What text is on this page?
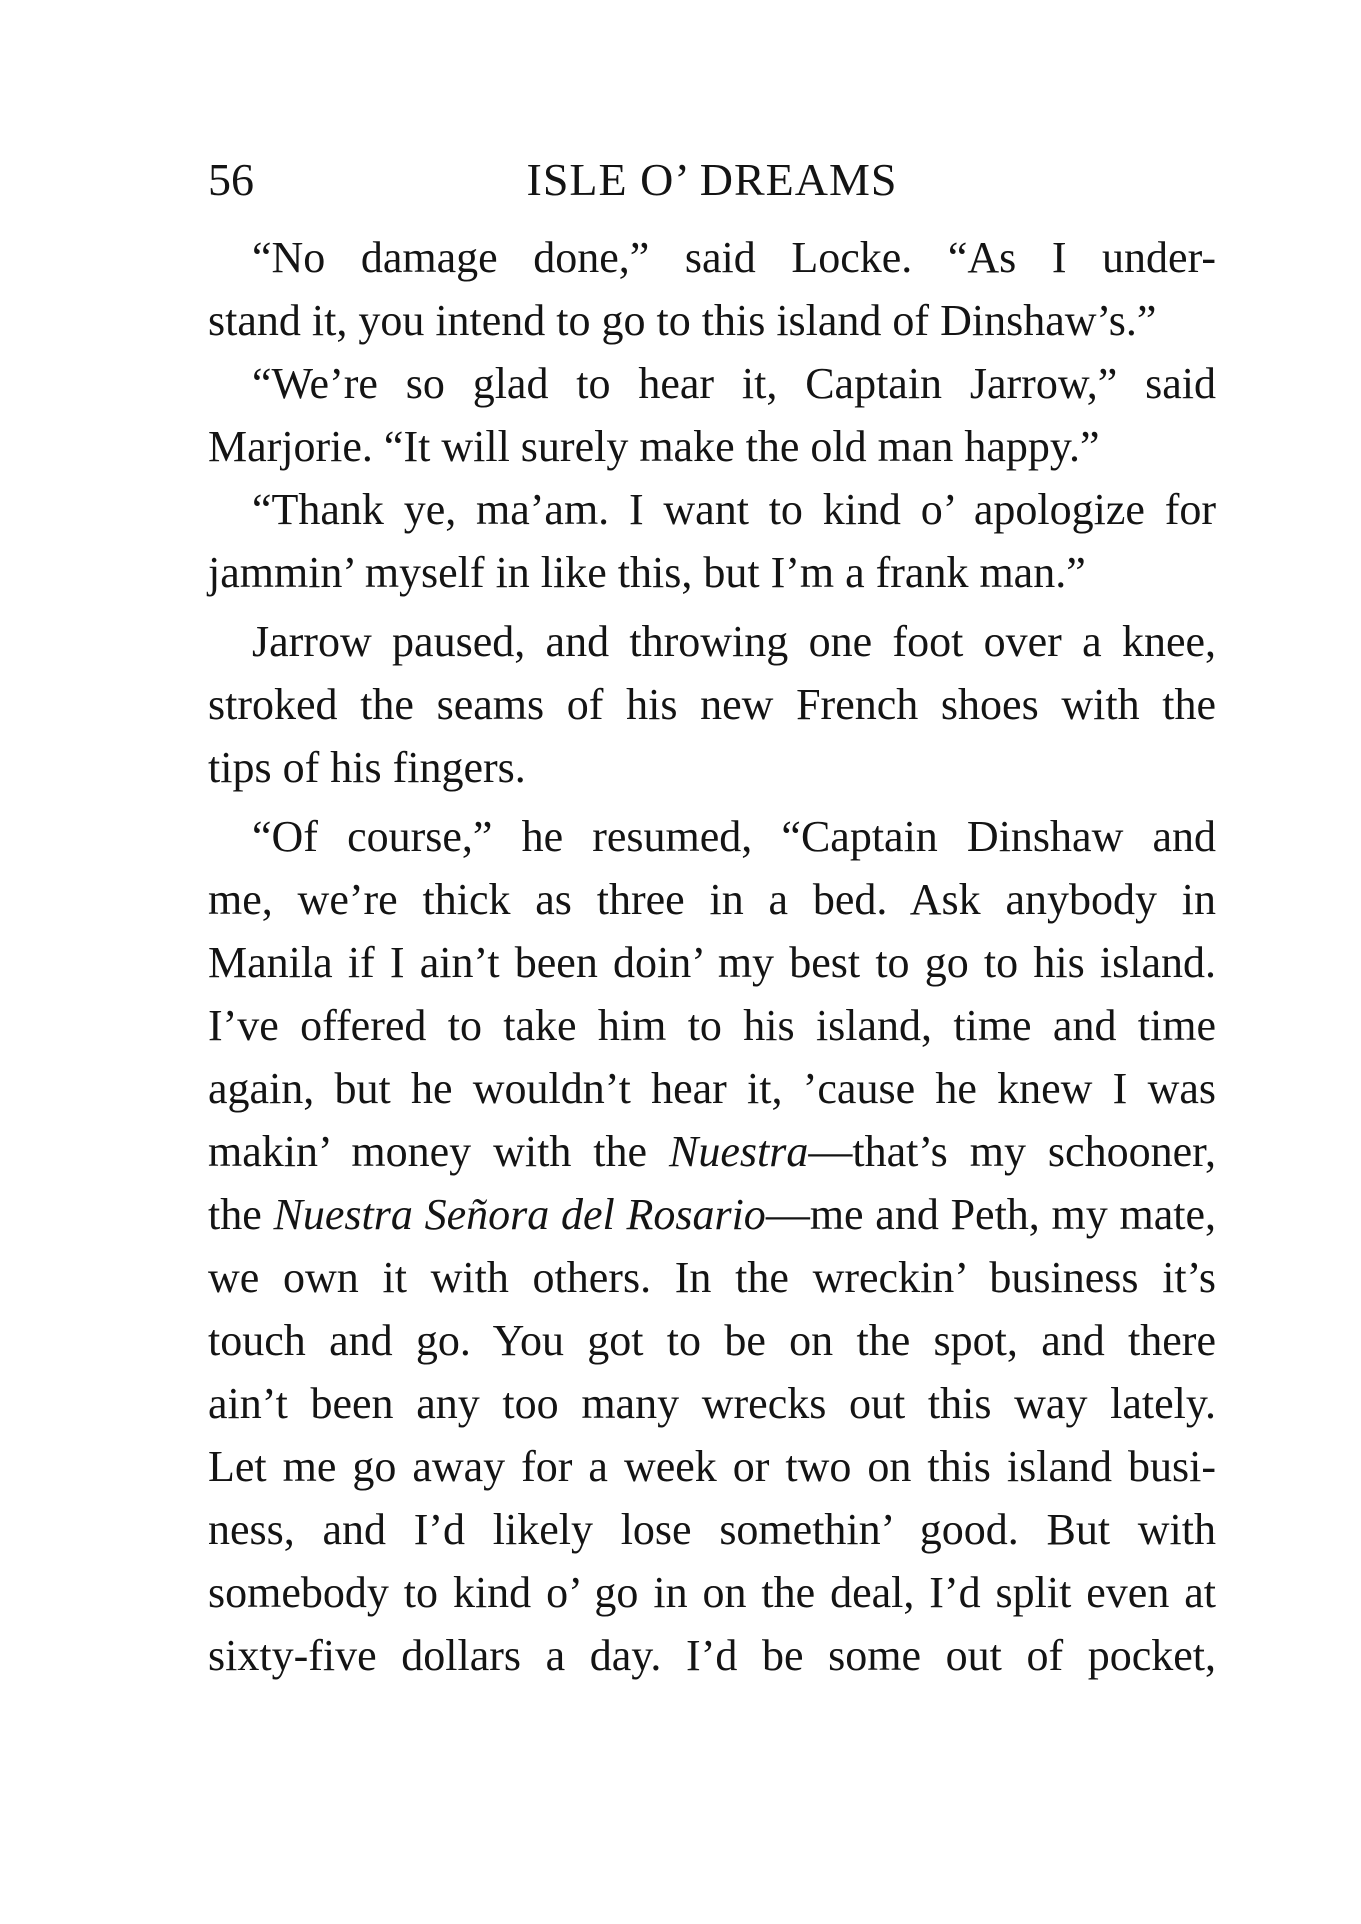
56	ISLE O’ DREAMS

“No damage done,” said Locke. “As I under-
stand it, you intend to go to this island of Dinshaw’s.”

“We’re so glad to hear it, Captain Jarrow,” said
Marjorie. “It will surely make the old man happy.”

“Thank ye, ma’am. I want to kind o’ apologize for
jammin’ myself in like this, but I’m a frank man.”

Jarrow paused, and throwing one foot over a knee,
stroked the seams of his new French shoes with the
tips of his fingers.

“Of course,” he resumed, “Captain Dinshaw and
me, we’re thick as three in a bed. Ask anybody in
Manila if I ain’t been doin’ my best to go to his island.
I’ve offered to take him to his island, time and time
again, but he wouldn’t hear it, ’cause he knew I was
makin’ money with the Nuestra—that’s my schooner,
the Nuestra Señora del Rosario—me and Peth, my mate,
we own it with others. In the wreckin’ business it’s
touch and go. You got to be on the spot, and there
ain’t been any too many wrecks out this way lately.
Let me go away for a week or two on this island busi-
ness, and I’d likely lose somethin’ good. But with
somebody to kind o’ go in on the deal, I’d split even at
sixty-five dollars a day. I’d be some out of pocket,
